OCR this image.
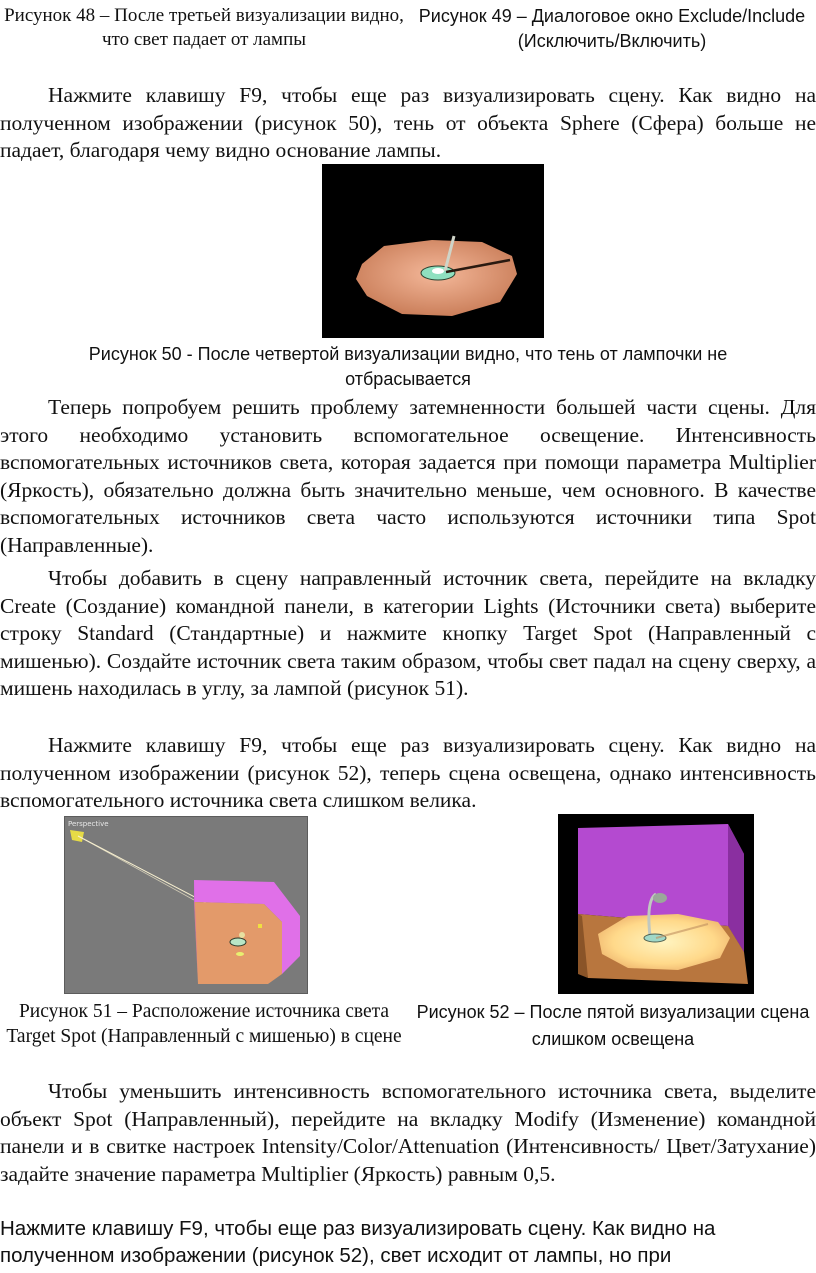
Рисунок 48 – После третьей визуализации видно, что свет падает от лампы
Рисунок 49 – Диалоговое окно Exclude/Include (Исключить/Включить)
Нажмите клавишу F9, чтобы еще раз визуализировать сцену. Как видно на полученном изображении (рисунок 50), тень от объекта Sphere (Сфера) больше не падает, благодаря чему видно основание лампы.
Рисунок 50 - После четвертой визуализации видно, что тень от лампочки не отбрасывается
Теперь попробуем решить проблему затемненности большей части сцены. Для этого необходимо установить вспомогательное освещение. Интенсивность вспомогательных источников света, которая задается при помощи параметра Multiplier (Яркость), обязательно должна быть значительно меньше, чем основного. В качестве вспомогательных источников света часто используются источники типа Spot (Направленные).
Чтобы добавить в сцену направленный источник света, перейдите на вкладку Create (Создание) командной панели, в категории Lights (Источники света) выберите строку Standard (Стандартные) и нажмите кнопку Target Spot (Направленный с мишенью). Создайте источник света таким образом, чтобы свет падал на сцену сверху, а мишень находилась в углу, за лампой (рисунок 51).
Нажмите клавишу F9, чтобы еще раз визуализировать сцену. Как видно на полученном изображении (рисунок 52), теперь сцена освещена, однако интенсивность вспомогательного источника света слишком велика.
Perspective
Рисунок 51 – Расположение источника света Target Spot (Направленный с мишенью) в сцене
Рисунок 52 – После пятой визуализации сцена слишком освещена
Чтобы уменьшить интенсивность вспомогательного источника света, выделите объект Spot (Направленный), перейдите на вкладку Modify (Изменение) командной панели и в свитке настроек Intensity/Color/Attenuation (Интенсивность/ Цвет/Затухание) задайте значение параметра Multiplier (Яркость) равным 0,5.
Нажмите клавишу F9, чтобы еще раз визуализировать сцену. Как видно на полученном изображении (рисунок 52), свет исходит от лампы, но при
